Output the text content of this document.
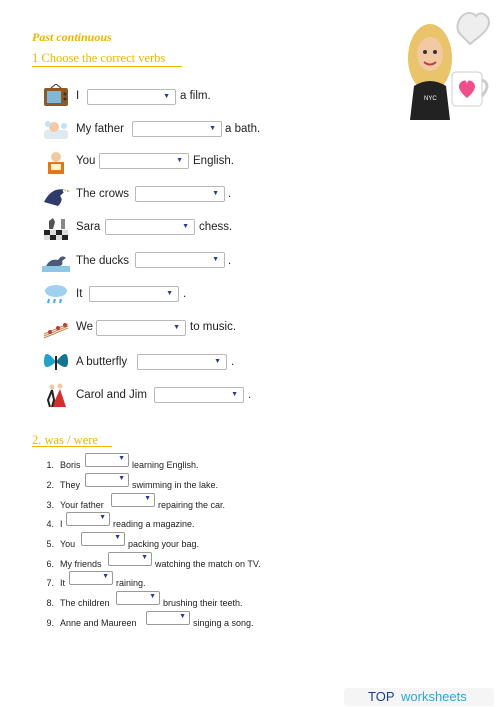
Past continuous
NYC
1 Choose the correct verbs
I	▼ a film.
My father	▼ a bath.
You	▼ English.
The crows	▼ .
Sara	▼ chess.
The ducks	▼ .
It	▼ .
We	▼ to music.
A butterfly	▼ .
Carol and Jim	▼ .
2. was / were
1. Boris
▼
learning English.
2. They
▼
swimming in the lake.
3. Your father
▼
repairing the car.
4. I
▼
reading a magazine.
5. You
▼
packing your bag.
6. My friends
▼
watching the match on TV.
7. It
▼
raining.
8. The children
▼
brushing their teeth.
9. Anne and Maureen
▼
singing a song.
TOP worksheets
